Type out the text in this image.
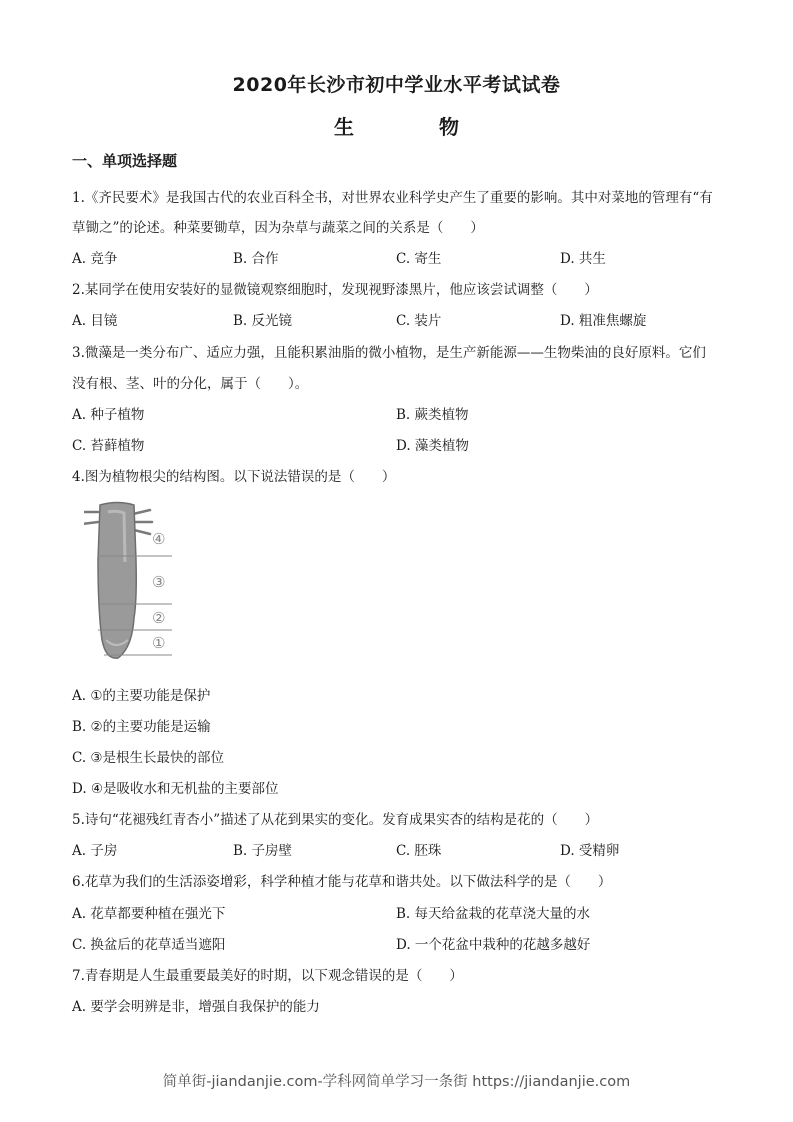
2020年长沙市初中学业水平考试试卷
生物
一、单项选择题
1.《齐民要术》是我国古代的农业百科全书，对世界农业科学史产生了重要的影响。其中对菜地的管理有“有
草锄之”的论述。种菜要锄草，因为杂草与蔬菜之间的关系是（　　）
A. 竞争	B. 合作	C. 寄生	D. 共生
2.某同学在使用安装好的显微镜观察细胞时，发现视野漆黑片，他应该尝试调整（　　）
A. 目镜	B. 反光镜	C. 装片	D. 粗准焦螺旋
3.微藻是一类分布广、适应力强，且能积累油脂的微小植物，是生产新能源——生物柴油的良好原料。它们
没有根、茎、叶的分化，属于（　　）。
A. 种子植物	B. 蕨类植物
C. 苔藓植物	D. 藻类植物
4.图为植物根尖的结构图。以下说法错误的是（　　）
④
③
②
①
A. ①的主要功能是保护
B. ②的主要功能是运输
C. ③是根生长最快的部位
D. ④是吸收水和无机盐的主要部位
5.诗句“花褪残红青杏小”描述了从花到果实的变化。发育成果实杏的结构是花的（　　）
A. 子房	B. 子房壁	C. 胚珠	D. 受精卵
6.花草为我们的生活添姿增彩，科学种植才能与花草和谐共处。以下做法科学的是（　　）
A. 花草都要种植在强光下	B. 每天给盆栽的花草浇大量的水
C. 换盆后的花草适当遮阳	D. 一个花盆中栽种的花越多越好
7.青春期是人生最重要最美好的时期，以下观念错误的是（　　）
A. 要学会明辨是非，增强自我保护的能力
简单街-jiandanjie.com-学科网简单学习一条街 https://jiandanjie.com
